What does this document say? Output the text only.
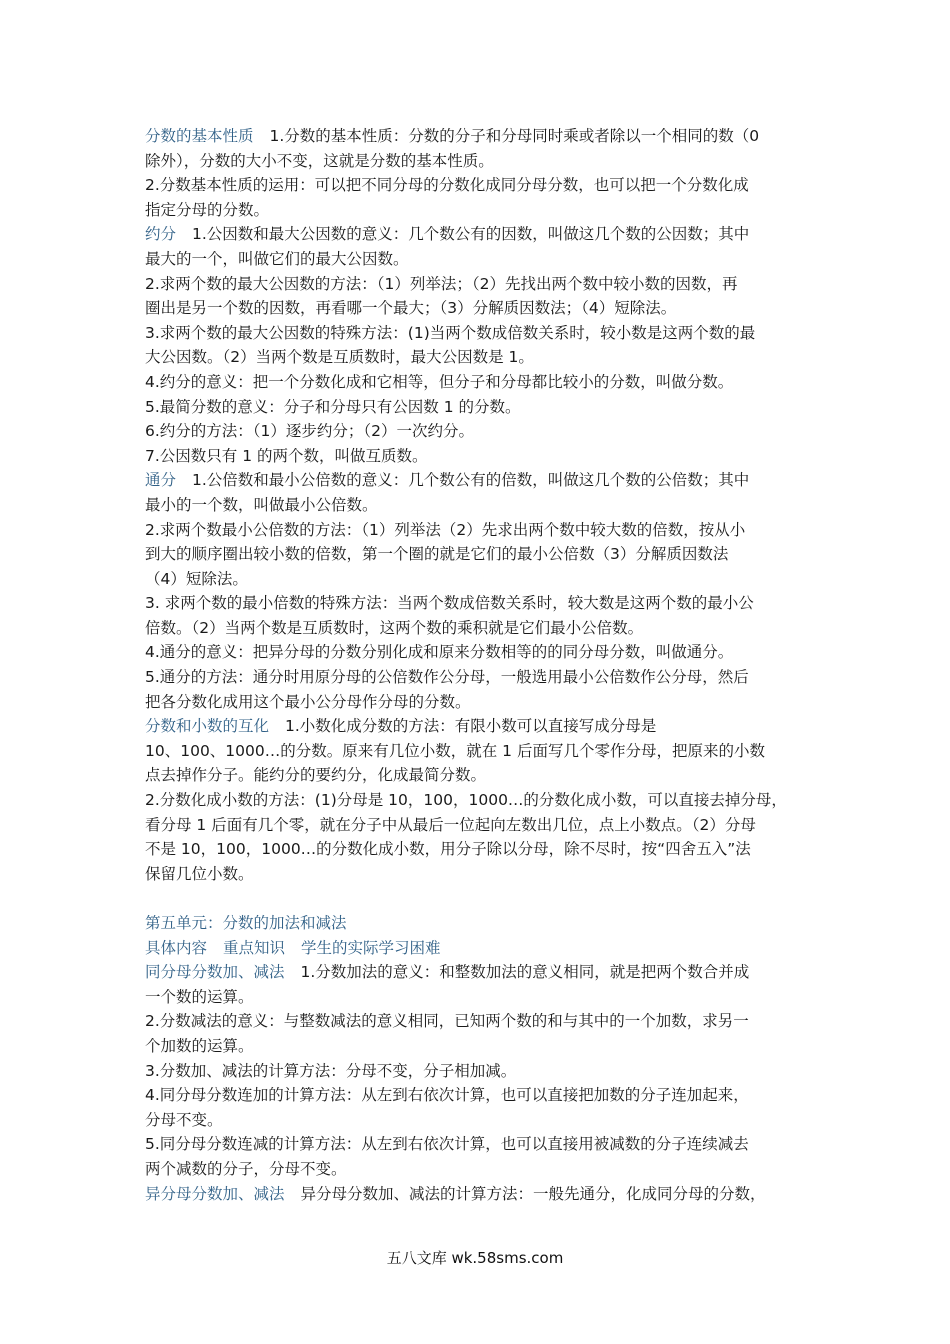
分数的基本性质 1.分数的基本性质：分数的分子和分母同时乘或者除以一个相同的数（0
除外），分数的大小不变，这就是分数的基本性质。
2.分数基本性质的运用：可以把不同分母的分数化成同分母分数，也可以把一个分数化成
指定分母的分数。
约分 1.公因数和最大公因数的意义：几个数公有的因数，叫做这几个数的公因数；其中
最大的一个，叫做它们的最大公因数。
2.求两个数的最大公因数的方法：（1）列举法；（2）先找出两个数中较小数的因数，再
圈出是另一个数的因数，再看哪一个最大；（3）分解质因数法；（4）短除法。
3.求两个数的最大公因数的特殊方法：(1)当两个数成倍数关系时，较小数是这两个数的最
大公因数。（2）当两个数是互质数时，最大公因数是 1。
4.约分的意义：把一个分数化成和它相等，但分子和分母都比较小的分数，叫做分数。
5.最简分数的意义：分子和分母只有公因数 1 的分数。
6.约分的方法：（1）逐步约分；（2）一次约分。
7.公因数只有 1 的两个数，叫做互质数。
通分 1.公倍数和最小公倍数的意义：几个数公有的倍数，叫做这几个数的公倍数；其中
最小的一个数，叫做最小公倍数。
2.求两个数最小公倍数的方法：（1）列举法（2）先求出两个数中较大数的倍数，按从小
到大的顺序圈出较小数的倍数，第一个圈的就是它们的最小公倍数（3）分解质因数法
（4）短除法。
3. 求两个数的最小倍数的特殊方法：当两个数成倍数关系时，较大数是这两个数的最小公
倍数。（2）当两个数是互质数时，这两个数的乘积就是它们最小公倍数。
4.通分的意义：把异分母的分数分别化成和原来分数相等的的同分母分数，叫做通分。
5.通分的方法：通分时用原分母的公倍数作公分母，一般选用最小公倍数作公分母，然后
把各分数化成用这个最小公分母作分母的分数。
分数和小数的互化 1.小数化成分数的方法：有限小数可以直接写成分母是
10、100、1000…的分数。原来有几位小数，就在 1 后面写几个零作分母，把原来的小数
点去掉作分子。能约分的要约分，化成最简分数。
2.分数化成小数的方法：(1)分母是 10，100，1000…的分数化成小数，可以直接去掉分母，
看分母 1 后面有几个零，就在分子中从最后一位起向左数出几位，点上小数点。（2）分母
不是 10，100，1000…的分数化成小数，用分子除以分母，除不尽时，按“四舍五入”法
保留几位小数。
第五单元：分数的加法和减法
具体内容 重点知识 学生的实际学习困难
同分母分数加、减法 1.分数加法的意义：和整数加法的意义相同，就是把两个数合并成
一个数的运算。
2.分数减法的意义：与整数减法的意义相同，已知两个数的和与其中的一个加数，求另一
个加数的运算。
3.分数加、减法的计算方法：分母不变，分子相加减。
4.同分母分数连加的计算方法：从左到右依次计算，也可以直接把加数的分子连加起来，
分母不变。
5.同分母分数连减的计算方法：从左到右依次计算，也可以直接用被减数的分子连续减去
两个减数的分子，分母不变。
异分母分数加、减法 异分母分数加、减法的计算方法：一般先通分，化成同分母的分数，
五八文库 wk.58sms.com
